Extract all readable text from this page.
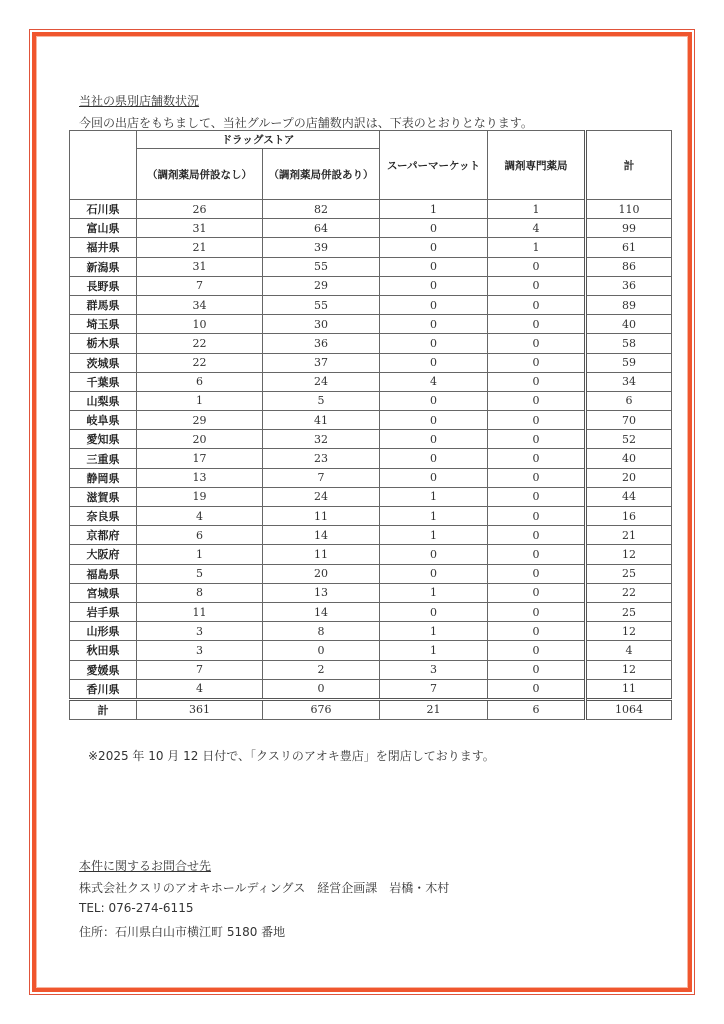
当社の県別店舗数状況
今回の出店をもちまして、当社グループの店舗数内訳は、下表のとおりとなります。
	ドラッグストア		スーパーマーケット	調剤専門薬局	計
	（調剤薬局併設なし）	（調剤薬局併設あり）			
石川県	26	82	1	1	110
富山県	31	64	0	4	99
福井県	21	39	0	1	61
新潟県	31	55	0	0	86
長野県	7	29	0	0	36
群馬県	34	55	0	0	89
埼玉県	10	30	0	0	40
栃木県	22	36	0	0	58
茨城県	22	37	0	0	59
千葉県	6	24	4	0	34
山梨県	1	5	0	0	6
岐阜県	29	41	0	0	70
愛知県	20	32	0	0	52
三重県	17	23	0	0	40
静岡県	13	7	0	0	20
滋賀県	19	24	1	0	44
奈良県	4	11	1	0	16
京都府	6	14	1	0	21
大阪府	1	11	0	0	12
福島県	5	20	0	0	25
宮城県	8	13	1	0	22
岩手県	11	14	0	0	25
山形県	3	8	1	0	12
秋田県	3	0	1	0	4
愛媛県	7	2	3	0	12
香川県	4	0	7	0	11
計	361	676	21	6	1064
※2025 年 10 月 12 日付で、「クスリのアオキ豊店」を閉店しております。
本件に関するお問合せ先
株式会社クスリのアオキホールディングス　経営企画課　岩橋・木村
TEL: 076-274-6115
住所：石川県白山市横江町 5180 番地
